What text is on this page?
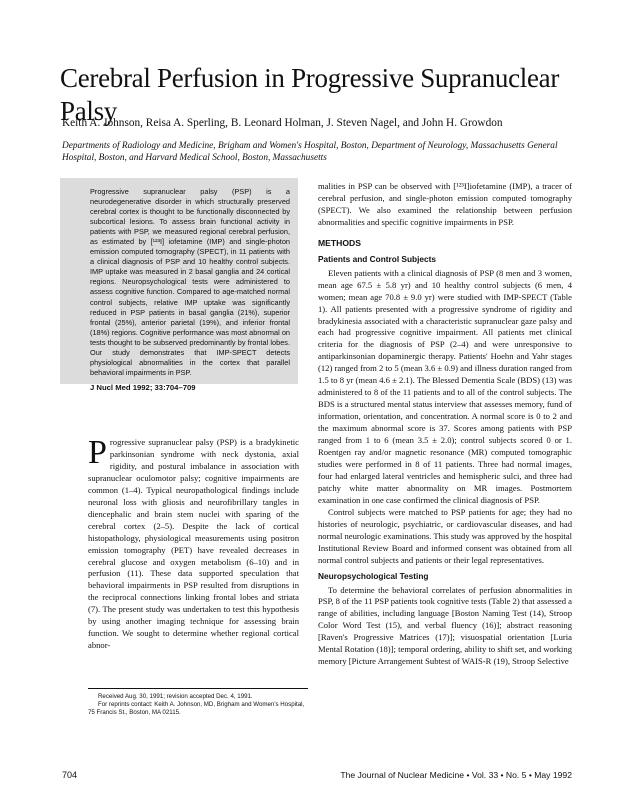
Cerebral Perfusion in Progressive Supranuclear Palsy
Keith A. Johnson, Reisa A. Sperling, B. Leonard Holman, J. Steven Nagel, and John H. Growdon
Departments of Radiology and Medicine, Brigham and Women's Hospital, Boston, Department of Neurology, Massachusetts General Hospital, Boston, and Harvard Medical School, Boston, Massachusetts
Progressive supranuclear palsy (PSP) is a neurodegenerative disorder in which structurally preserved cerebral cortex is thought to be functionally disconnected by subcortical lesions. To assess brain functional activity in patients with PSP, we measured regional cerebral perfusion, as estimated by [¹²³I] iofetamine (IMP) and single-photon emission computed tomography (SPECT), in 11 patients with a clinical diagnosis of PSP and 10 healthy control subjects. IMP uptake was measured in 2 basal ganglia and 24 cortical regions. Neuropsychological tests were administered to assess cognitive function. Compared to age-matched normal control subjects, relative IMP uptake was significantly reduced in PSP patients in basal ganglia (21%), superior frontal (25%), anterior parietal (19%), and inferior frontal (18%) regions. Cognitive performance was most abnormal on tests thought to be subserved predominantly by frontal lobes. Our study demonstrates that IMP-SPECT detects physiological abnormalities in the cortex that parallel behavioral impairments in PSP.
J Nucl Med 1992; 33:704–709
Progressive supranuclear palsy (PSP) is a bradykinetic parkinsonian syndrome with neck dystonia, axial rigidity, and postural imbalance in association with supranuclear oculomotor palsy; cognitive impairments are common (1–4). Typical neuropathological findings include neuronal loss with gliosis and neurofibrillary tangles in diencephalic and brain stem nuclei with sparing of the cerebral cortex (2–5). Despite the lack of cortical histopathology, physiological measurements using positron emission tomography (PET) have revealed decreases in cerebral glucose and oxygen metabolism (6–10) and in perfusion (11). These data supported speculation that behavioral impairments in PSP resulted from disruptions in the reciprocal connections linking frontal lobes and striata (7). The present study was undertaken to test this hypothesis by using another imaging technique for assessing brain function. We sought to determine whether regional cortical abnor-

Received Aug. 30, 1991; revision accepted Dec. 4, 1991.

For reprints contact: Keith A. Johnson, MD, Brigham and Women's Hospital, 75 Francis St., Boston, MA 02115.

malities in PSP can be observed with [¹²³I]iofetamine (IMP), a tracer of cerebral perfusion, and single-photon emission computed tomography (SPECT). We also examined the relationship between perfusion abnormalities and specific cognitive impairments in PSP.

METHODS
Patients and Control Subjects

Eleven patients with a clinical diagnosis of PSP (8 men and 3 women, mean age 67.5 ± 5.8 yr) and 10 healthy control subjects (6 men, 4 women; mean age 70.8 ± 9.0 yr) were studied with IMP-SPECT (Table 1). All patients presented with a progressive syndrome of rigidity and bradykinesia associated with a characteristic supranuclear gaze palsy and each had progressive cognitive impairment. All patients met clinical criteria for the diagnosis of PSP (2–4) and were unresponsive to antiparkinsonian dopaminergic therapy. Patients' Hoehn and Yahr stages (12) ranged from 2 to 5 (mean 3.6 ± 0.9) and illness duration ranged from 1.5 to 8 yr (mean 4.6 ± 2.1). The Blessed Dementia Scale (BDS) (13) was administered to 8 of the 11 patients and to all of the control subjects. The BDS is a structured mental status interview that assesses memory, fund of information, orientation, and concentration. A normal score is 0 to 2 and the maximum abnormal score is 37. Scores among patients with PSP ranged from 1 to 6 (mean 3.5 ± 2.0); control subjects scored 0 or 1. Roentgen ray and/or magnetic resonance (MR) computed tomographic studies were performed in 8 of 11 patients. Three had normal images, four had enlarged lateral ventricles and hemispheric sulci, and three had patchy white matter abnormality on MR images. Postmortem examination in one case confirmed the clinical diagnosis of PSP.

Control subjects were matched to PSP patients for age; they had no histories of neurologic, psychiatric, or cardiovascular diseases, and had normal neurologic examinations. This study was approved by the hospital Institutional Review Board and informed consent was obtained from all normal control subjects and patients or their legal representatives.

Neuropsychological Testing

To determine the behavioral correlates of perfusion abnormalities in PSP, 8 of the 11 PSP patients took cognitive tests (Table 2) that assessed a range of abilities, including language [Boston Naming Test (14), Stroop Color Word Test (15), and verbal fluency (16)]; abstract reasoning [Raven's Progressive Matrices (17)]; visuospatial orientation [Luria Mental Rotation (18)]; temporal ordering, ability to shift set, and working memory [Picture Arrangement Subtest of WAIS-R (19), Stroop Selective

704	The Journal of Nuclear Medicine • Vol. 33 • No. 5 • May 1992
